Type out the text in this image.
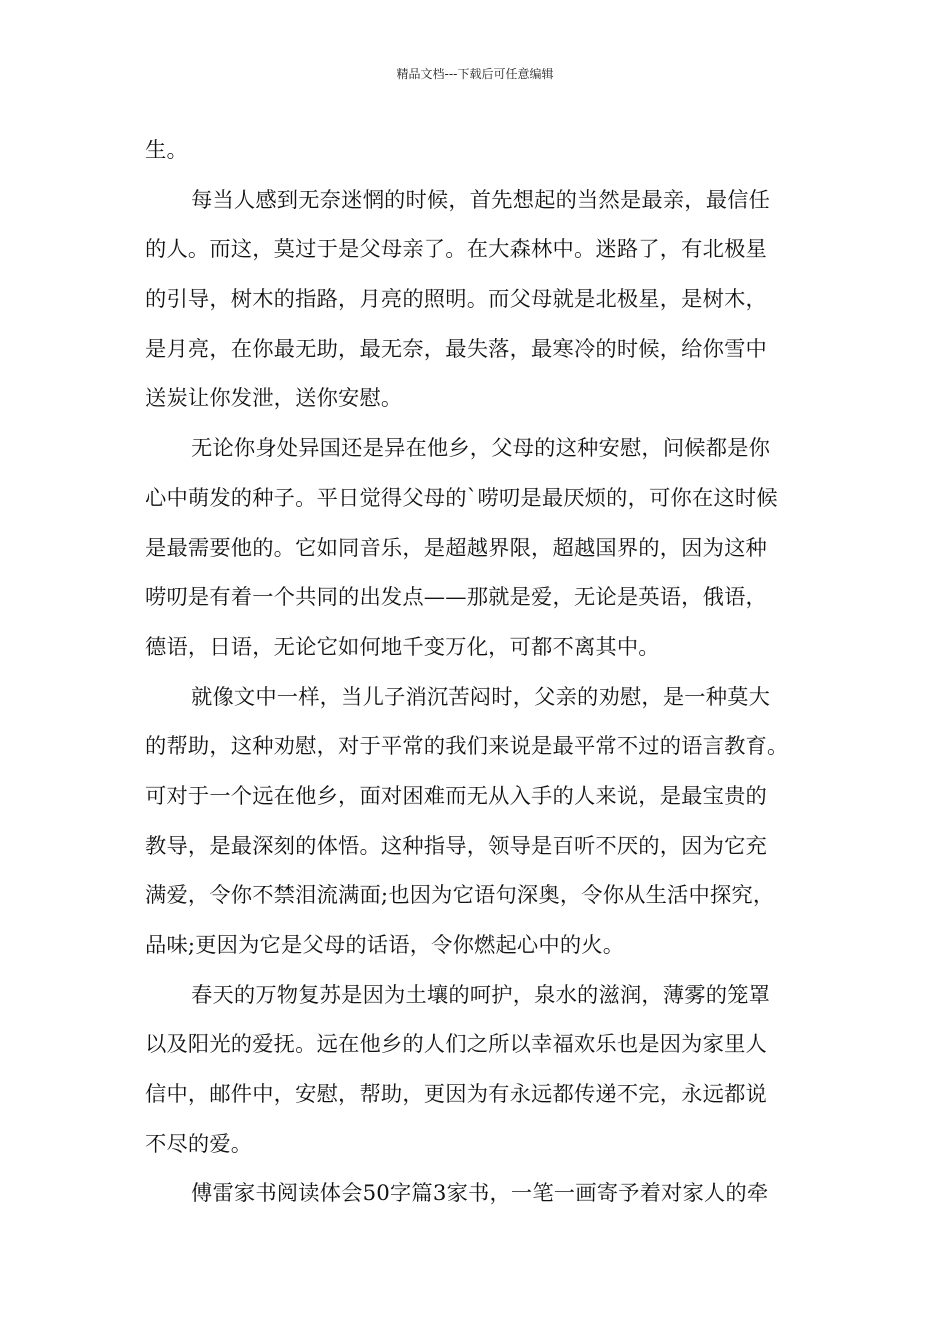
精品文档---下载后可任意编辑
生。
每当人感到无奈迷惘的时候，首先想起的当然是最亲，最信任
的人。而这，莫过于是父母亲了。在大森林中。迷路了，有北极星
的引导，树木的指路，月亮的照明。而父母就是北极星，是树木，
是月亮，在你最无助，最无奈，最失落，最寒冷的时候，给你雪中
送炭让你发泄，送你安慰。
无论你身处异国还是异在他乡，父母的这种安慰，问候都是你
心中萌发的种子。平日觉得父母的`唠叨是最厌烦的，可你在这时候
是最需要他的。它如同音乐，是超越界限，超越国界的，因为这种
唠叨是有着一个共同的出发点——那就是爱，无论是英语，俄语，
德语，日语，无论它如何地千变万化，可都不离其中。
就像文中一样，当儿子消沉苦闷时，父亲的劝慰，是一种莫大
的帮助，这种劝慰，对于平常的我们来说是最平常不过的语言教育。
可对于一个远在他乡，面对困难而无从入手的人来说，是最宝贵的
教导，是最深刻的体悟。这种指导，领导是百听不厌的，因为它充
满爱，令你不禁泪流满面;也因为它语句深奥，令你从生活中探究，
品味;更因为它是父母的话语，令你燃起心中的火。
春天的万物复苏是因为土壤的呵护，泉水的滋润，薄雾的笼罩
以及阳光的爱抚。远在他乡的人们之所以幸福欢乐也是因为家里人
信中，邮件中，安慰，帮助，更因为有永远都传递不完，永远都说
不尽的爱。
傅雷家书阅读体会50字篇3家书，一笔一画寄予着对家人的牵
